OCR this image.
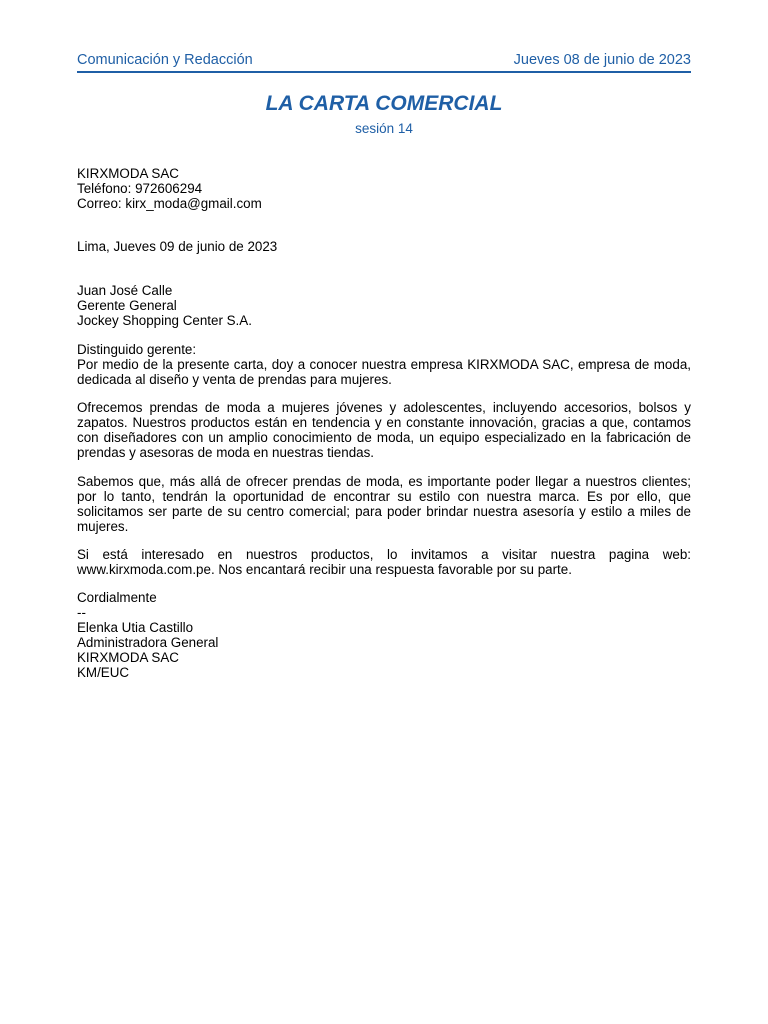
Comunicación y Redacción	Jueves 08 de junio de 2023
LA CARTA COMERCIAL
sesión 14
KIRXMODA SAC
Teléfono: 972606294
Correo: kirx_moda@gmail.com
Lima, Jueves 09 de junio de 2023
Juan José Calle
Gerente General
Jockey Shopping Center S.A.
Distinguido gerente:
Por medio de la presente carta, doy a conocer nuestra empresa KIRXMODA SAC, empresa de moda, dedicada al diseño y venta de prendas para mujeres.
Ofrecemos prendas de moda a mujeres jóvenes y adolescentes, incluyendo accesorios, bolsos y zapatos. Nuestros productos están en tendencia y en constante innovación, gracias a que, contamos con diseñadores con un amplio conocimiento de moda, un equipo especializado en la fabricación de prendas y asesoras de moda en nuestras tiendas.
Sabemos que, más allá de ofrecer prendas de moda, es importante poder llegar a nuestros clientes; por lo tanto, tendrán la oportunidad de encontrar su estilo con nuestra marca. Es por ello, que solicitamos ser parte de su centro comercial; para poder brindar nuestra asesoría y estilo a miles de mujeres.
Si está interesado en nuestros productos, lo invitamos a visitar nuestra pagina web: www.kirxmoda.com.pe. Nos encantará recibir una respuesta favorable por su parte.
Cordialmente
--
Elenka Utia Castillo
Administradora General
KIRXMODA SAC
KM/EUC
